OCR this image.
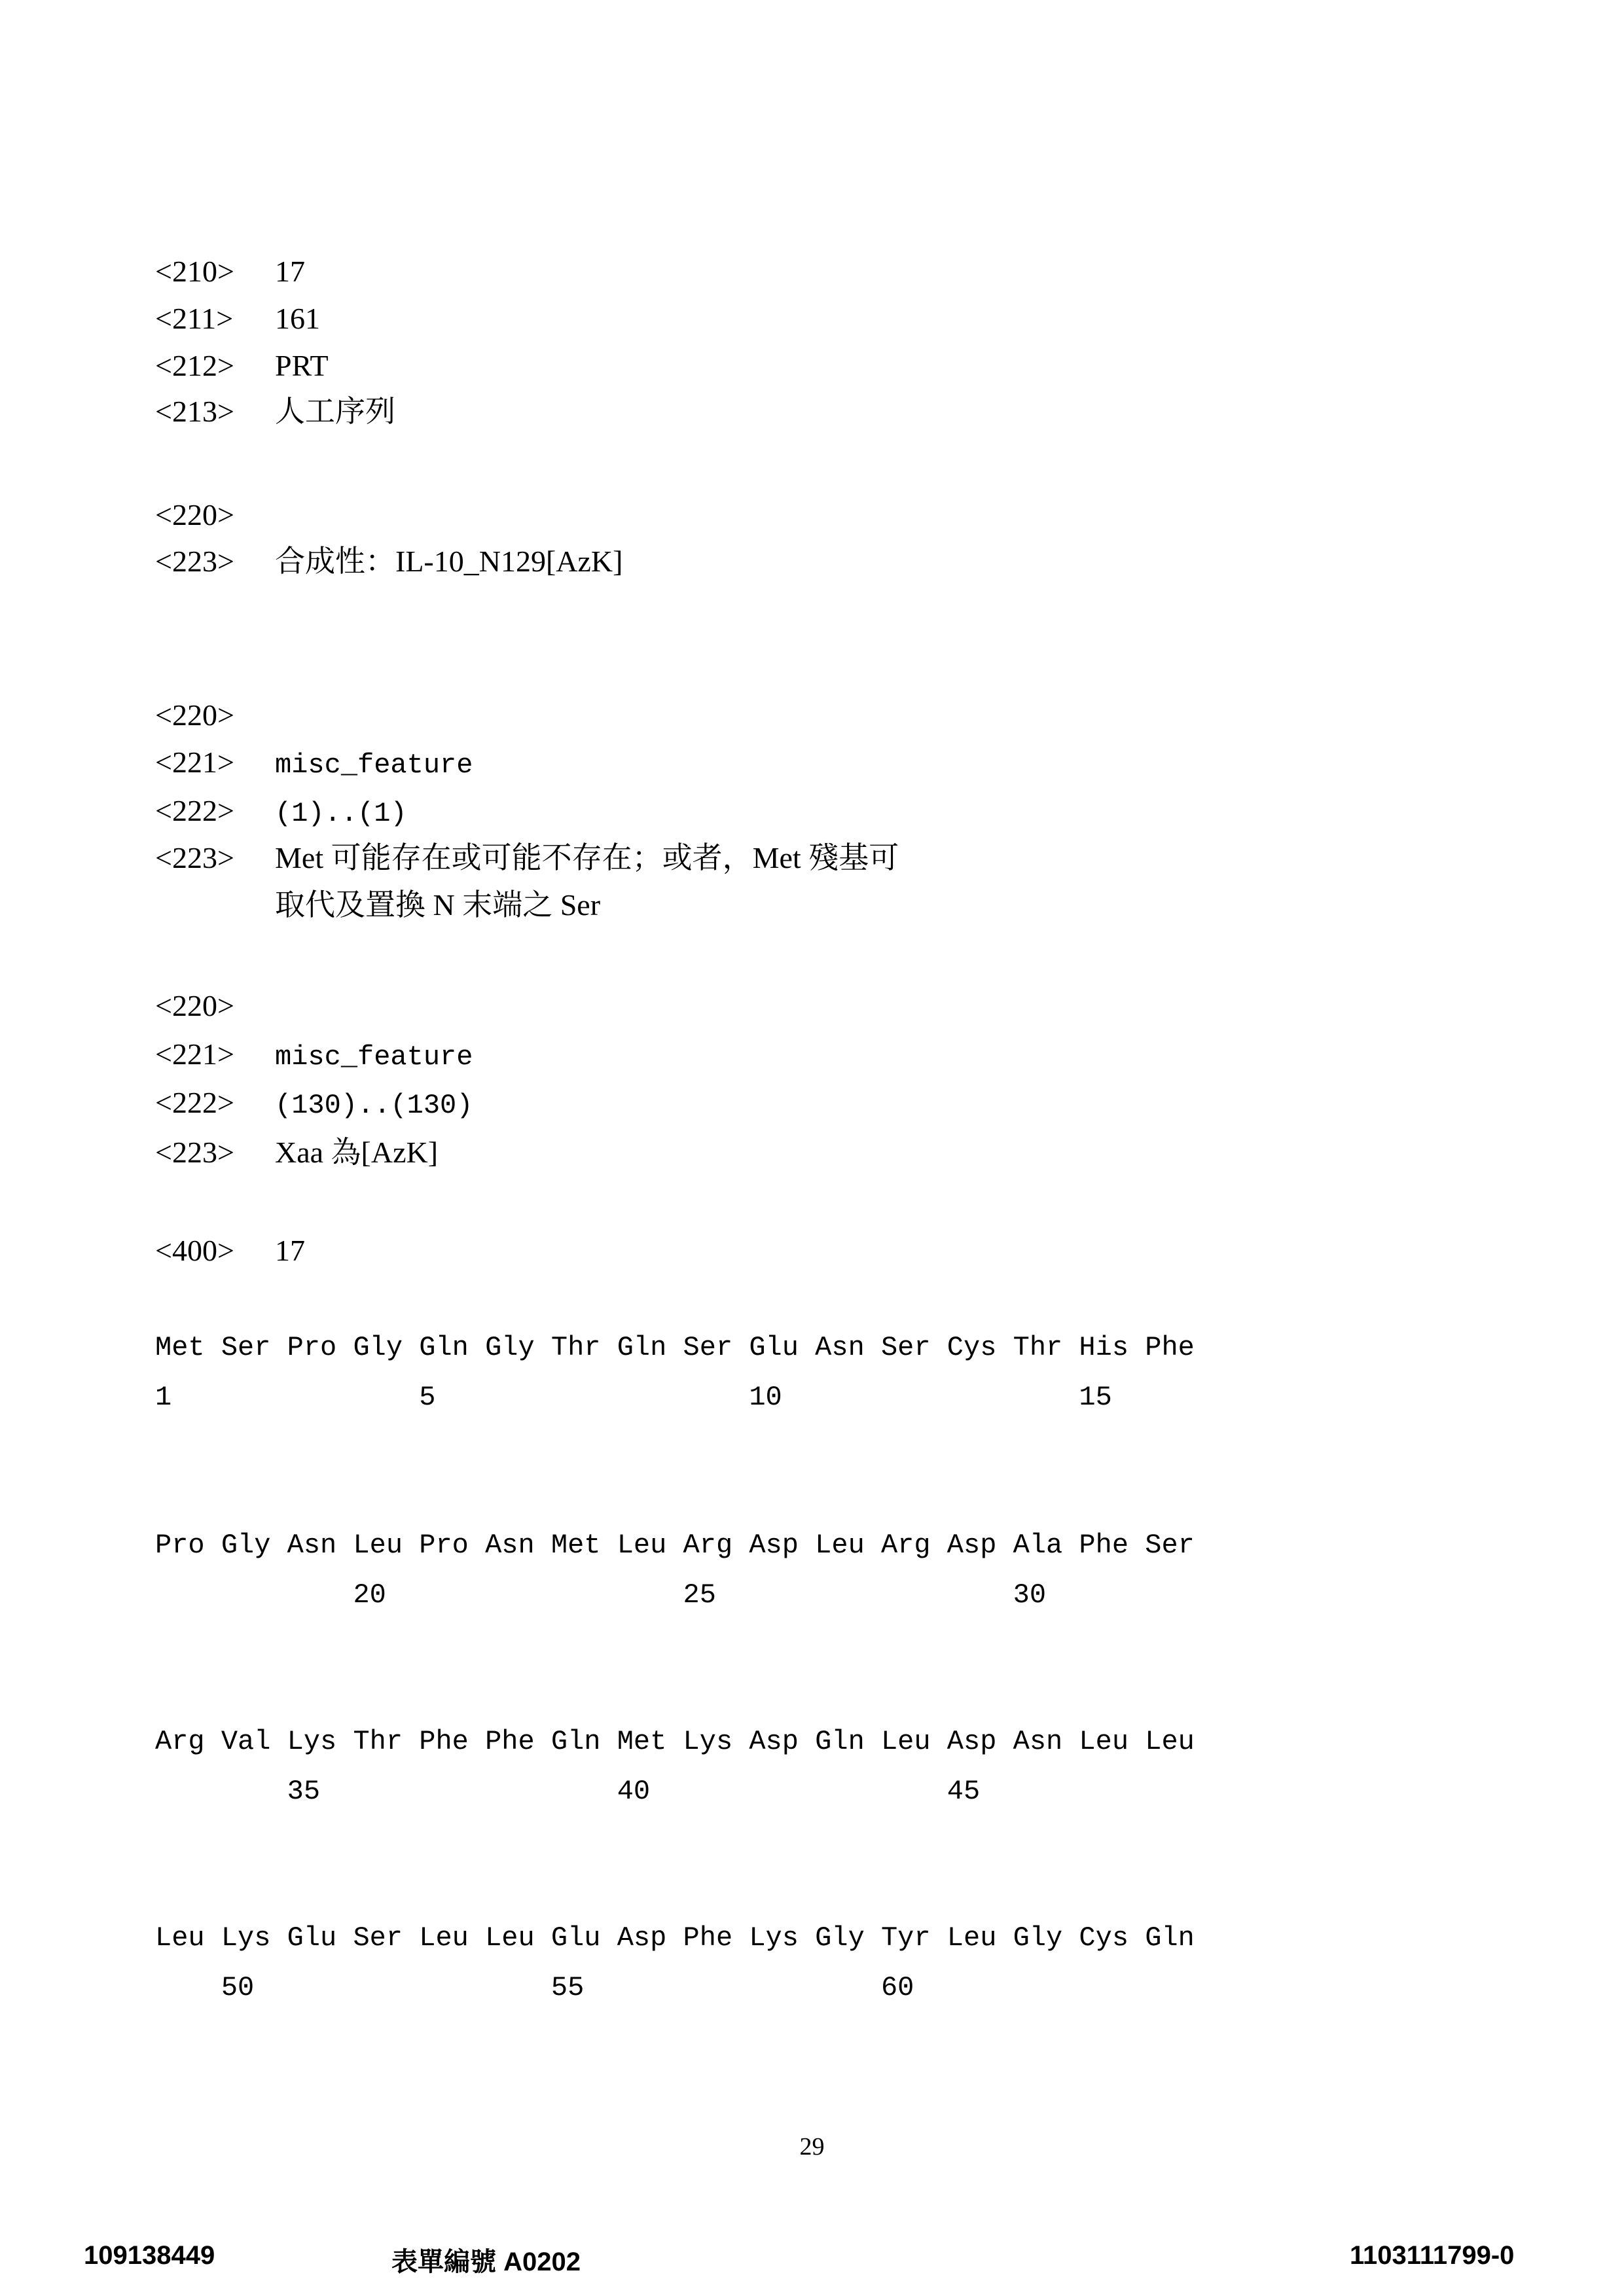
<210> 17
<211> 161
<212> PRT
<213> 人工序列
<220>
<223> 合成性：IL-10_N129[AzK]
<220>
<221> misc_feature
<222> (1)..(1)
<223> Met 可能存在或可能不存在；或者，Met 殘基可
取代及置換 N 末端之 Ser
<220>
<221> misc_feature
<222> (130)..(130)
<223> Xaa 為[AzK]
<400> 17
Met Ser Pro Gly Gln Gly Thr Gln Ser Glu Asn Ser Cys Thr His Phe
1               5                   10                  15
Pro Gly Asn Leu Pro Asn Met Leu Arg Asp Leu Arg Asp Ala Phe Ser
20                  25                  30
Arg Val Lys Thr Phe Phe Gln Met Lys Asp Gln Leu Asp Asn Leu Leu
35                  40                  45
Leu Lys Glu Ser Leu Leu Glu Asp Phe Lys Gly Tyr Leu Gly Cys Gln
50                  55                  60
29
109138449	表單編號 A0202	1103111799-0
